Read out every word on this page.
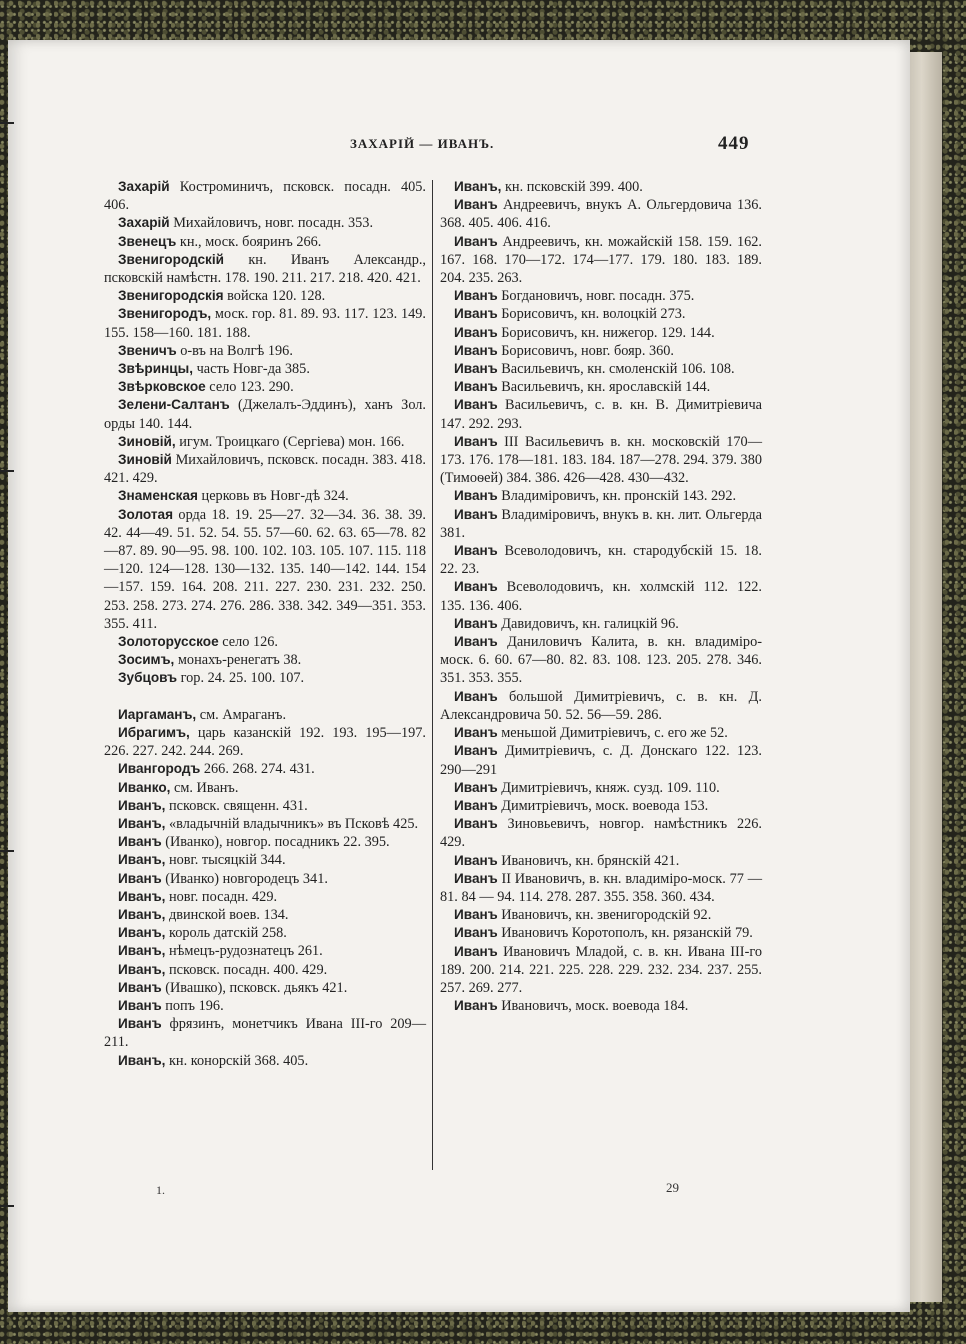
ЗАХАРІЙ — ИВАНЪ.	449

Захарій Костроминичъ, псковск. посадн. 405. 406.

Захарій Михайловичъ, новг. посадн. 353.

Звенецъ кн., моск. бояринъ 266.

Звенигородскій кн. Иванъ Александр., псковскій намѣстн. 178. 190. 211. 217. 218. 420. 421.

Звенигородскія войска 120. 128.

Звенигородъ, моск. гор. 81. 89. 93. 117. 123. 149. 155. 158—160. 181. 188.

Звеничъ о-въ на Волгѣ 196.

Звѣринцы, часть Новг-да 385.

Звѣрковское село 123. 290.

Зелени-Салтанъ (Джелалъ-Эддинъ), ханъ Зол. орды 140. 144.

Зиновій, игум. Троицкаго (Сергіева) мон. 166.

Зиновій Михайловичъ, псковск. посадн. 383. 418. 421. 429.

Знаменская церковь въ Новг-дѣ 324.

Золотая орда 18. 19. 25—27. 32—34. 36. 38. 39. 42. 44—49. 51. 52. 54. 55. 57—60. 62. 63. 65—78. 82—87. 89. 90—95. 98. 100. 102. 103. 105. 107. 115. 118—120. 124—128. 130—132. 135. 140—142. 144. 154—157. 159. 164. 208. 211. 227. 230. 231. 232. 250. 253. 258. 273. 274. 276. 286. 338. 342. 349—351. 353. 355. 411.

Золоторусское село 126.

Зосимъ, монахъ-ренегатъ 38.

Зубцовъ гор. 24. 25. 100. 107.

Иаргаманъ, см. Амраганъ.

Ибрагимъ, царь казанскій 192. 193. 195—197. 226. 227. 242. 244. 269.

Ивангородъ 266. 268. 274. 431.

Иванко, см. Иванъ.

Иванъ, псковск. священн. 431.

Иванъ, «владычній владычникъ» въ Псковѣ 425.

Иванъ (Иванко), новгор. посадникъ 22. 395.

Иванъ, новг. тысяцкій 344.

Иванъ (Иванко) новгородецъ 341.

Иванъ, новг. посадн. 429.

Иванъ, двинской воев. 134.

Иванъ, король датскій 258.

Иванъ, нѣмецъ-рудознатецъ 261.

Иванъ, псковск. посадн. 400. 429.

Иванъ (Ивашко), псковск. дьякъ 421.

Иванъ попъ 196.

Иванъ фрязинъ, монетчикъ Ивана III-го 209—211.

Иванъ, кн. конорскій 368. 405.

Иванъ, кн. псковскій 399. 400.

Иванъ Андреевичъ, внукъ А. Ольгердовича 136. 368. 405. 406. 416.

Иванъ Андреевичъ, кн. можайскій 158. 159. 162. 167. 168. 170—172. 174—177. 179. 180. 183. 189. 204. 235. 263.

Иванъ Богдановичъ, новг. посадн. 375.

Иванъ Борисовичъ, кн. волоцкій 273.

Иванъ Борисовичъ, кн. нижегор. 129. 144.

Иванъ Борисовичъ, новг. бояр. 360.

Иванъ Васильевичъ, кн. смоленскій 106. 108.

Иванъ Васильевичъ, кн. ярославскій 144.

Иванъ Васильевичъ, с. в. кн. В. Димитріевича 147. 292. 293.

Иванъ III Васильевичъ в. кн. московскій 170—173. 176. 178—181. 183. 184. 187—278. 294. 379. 380 (Тимоѳей) 384. 386. 426—428. 430—432.

Иванъ Владиміровичъ, кн. пронскій 143. 292.

Иванъ Владиміровичъ, внукъ в. кн. лит. Ольгерда 381.

Иванъ Всеволодовичъ, кн. стародубскій 15. 18. 22. 23.

Иванъ Всеволодовичъ, кн. холмскій 112. 122. 135. 136. 406.

Иванъ Давидовичъ, кн. галицкій 96.

Иванъ Даниловичъ Калита, в. кн. владиміро-моск. 6. 60. 67—80. 82. 83. 108. 123. 205. 278. 346. 351. 353. 355.

Иванъ большой Димитріевичъ, с. в. кн. Д. Александровича 50. 52. 56—59. 286.

Иванъ меньшой Димитріевичъ, с. его же 52.

Иванъ Димитріевичъ, с. Д. Донскаго 122. 123. 290—291

Иванъ Димитріевичъ, княж. сузд. 109. 110.

Иванъ Димитріевичъ, моск. воевода 153.

Иванъ Зиновьевичъ, новгор. намѣстникъ 226. 429.

Иванъ Ивановичъ, кн. брянскій 421.

Иванъ II Ивановичъ, в. кн. владиміро-моск. 77 — 81. 84 — 94. 114. 278. 287. 355. 358. 360. 434.

Иванъ Ивановичъ, кн. звенигородскій 92.

Иванъ Ивановичъ Коротополъ, кн. рязанскій 79.

Иванъ Ивановичъ Младой, с. в. кн. Ивана III-го 189. 200. 214. 221. 225. 228. 229. 232. 234. 237. 255. 257. 269. 277.

Иванъ Ивановичъ, моск. воевода 184.

1.	29
